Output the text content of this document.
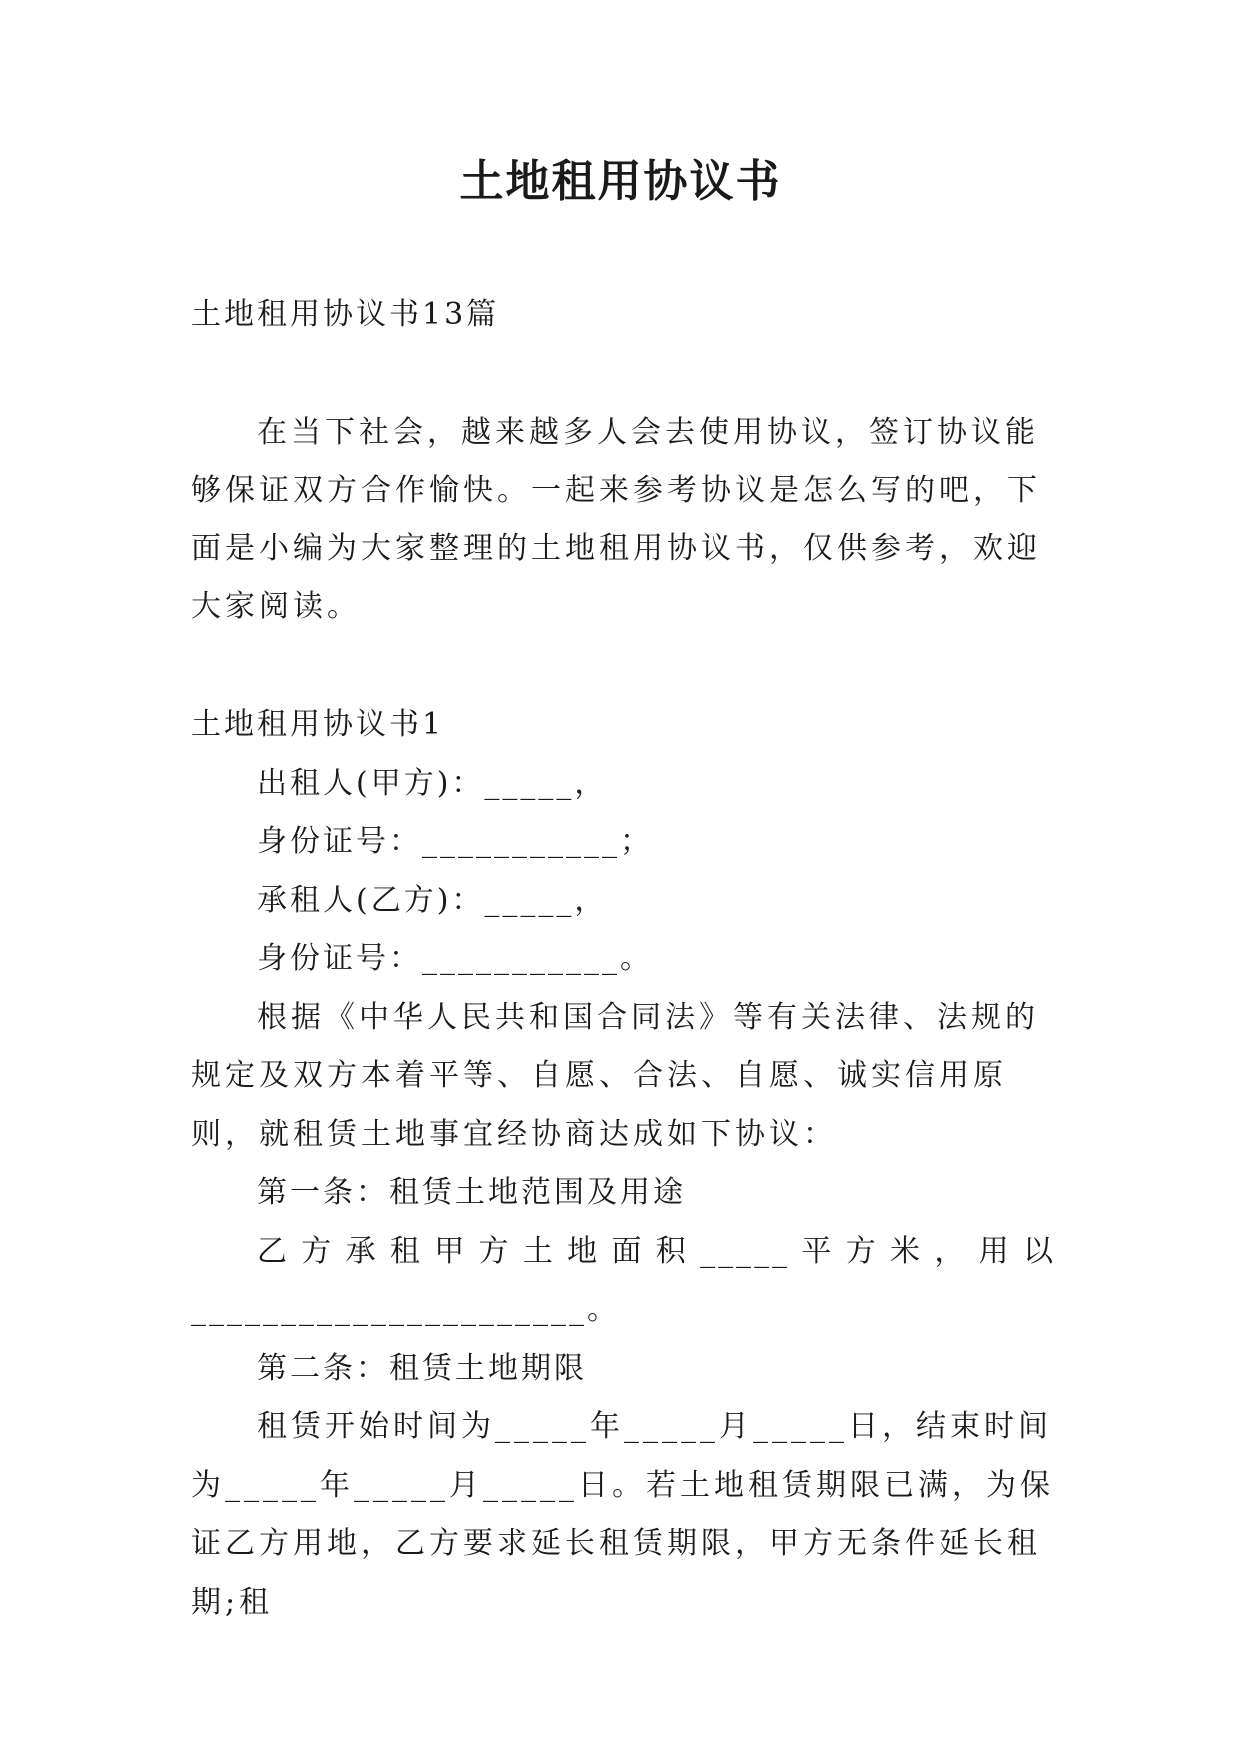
土地租用协议书
土地租用协议书13篇

在当下社会，越来越多人会去使用协议，签订协议能够保证双方合作愉快。一起来参考协议是怎么写的吧，下面是小编为大家整理的土地租用协议书，仅供参考，欢迎大家阅读。

土地租用协议书1

出租人(甲方)：_____，

身份证号：___________；

承租人(乙方)：_____，

身份证号：___________。

根据《中华人民共和国合同法》等有关法律、法规的规定及双方本着平等、自愿、合法、自愿、诚实信用原则，就租赁土地事宜经协商达成如下协议：

第一条：租赁土地范围及用途

乙方承租甲方土地面积_____平方米，用以

______________________。

第二条：租赁土地期限

租赁开始时间为_____年_____月_____日，结束时间为_____年_____月_____日。若土地租赁期限已满，为保证乙方用地，乙方要求延长租赁期限，甲方无条件延长租期;租
